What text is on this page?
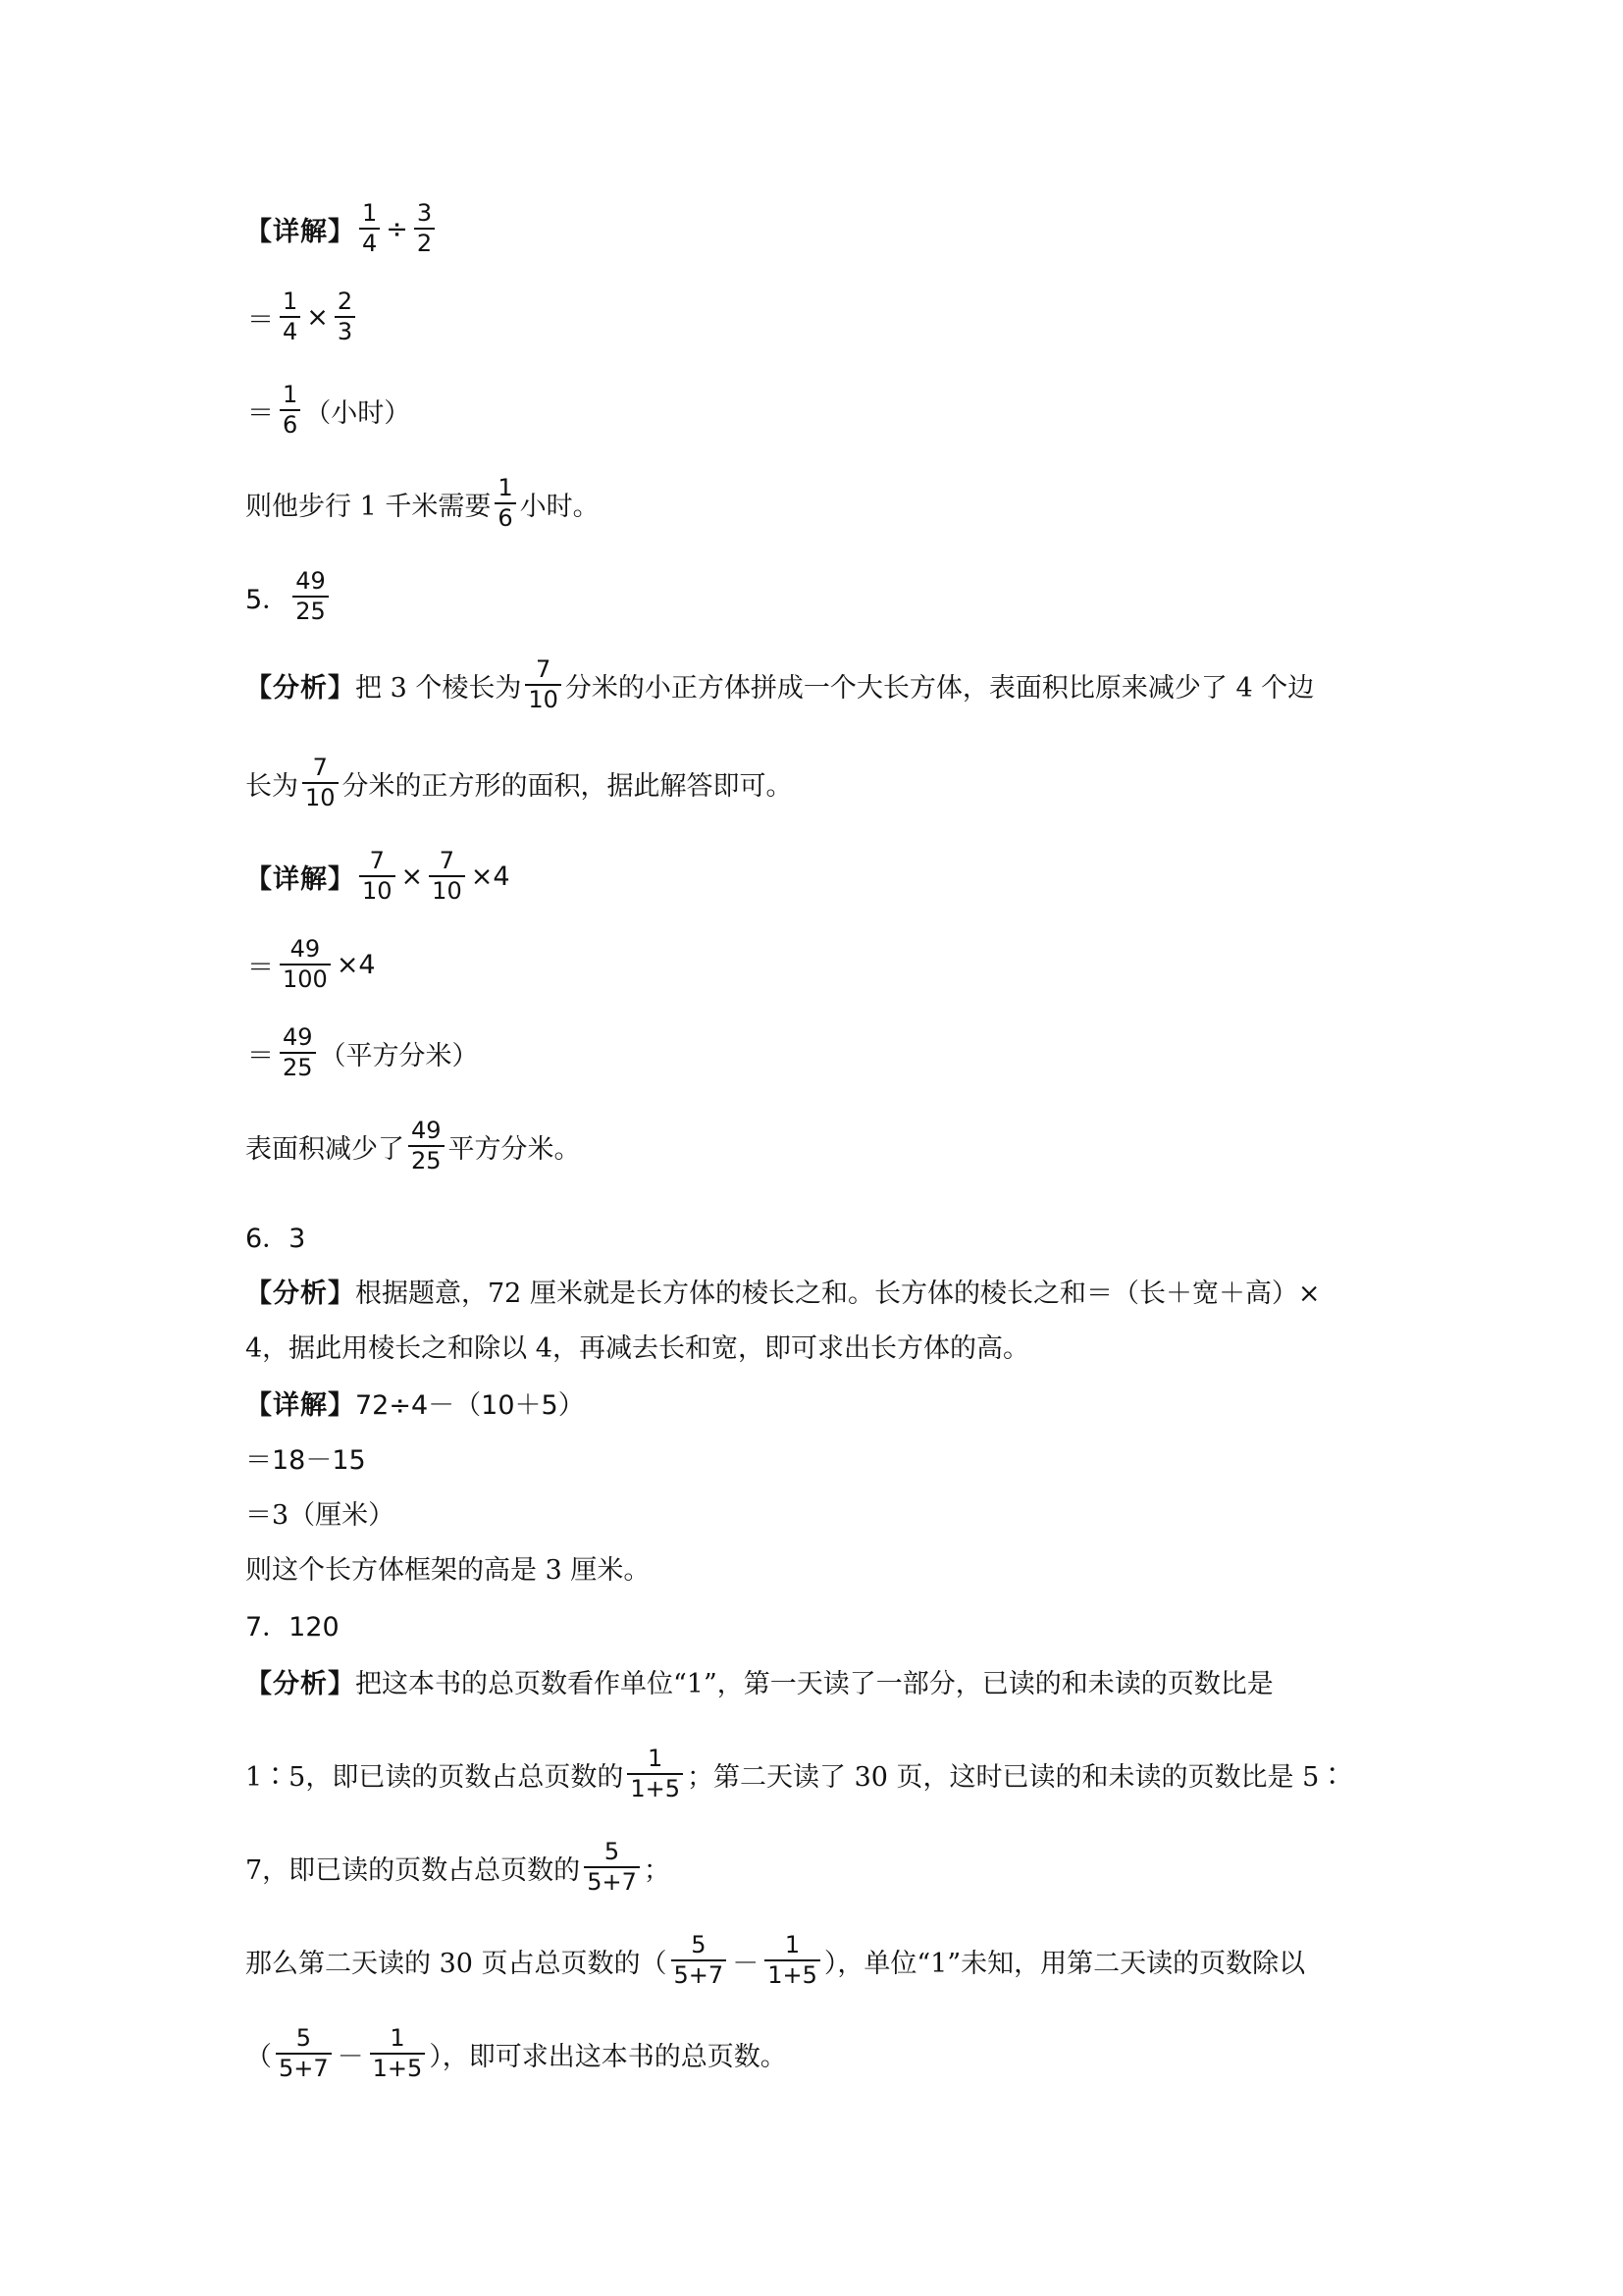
【详解】 $\frac{1}{4} \div \frac{3}{2}$
＝ $\frac{1}{4} \times \frac{2}{3}$
＝ $\frac{1}{6}$ （小时）
则他步行 1 千米需要 $\frac{1}{6}$ 小时。
5． $\frac{49}{25}$
【分析】 把 3 个棱长为 $\frac{7}{10}$ 分米的小正方体拼成一个大长方体，表面积比原来减少了 4 个边
长为 $\frac{7}{10}$ 分米的正方形的面积，据此解答即可。
【详解】 $\frac{7}{10} \times \frac{7}{10} \times 4$
＝ $\frac{49}{100} \times 4$
＝ $\frac{49}{25}$ （平方分米）
表面积减少了 $\frac{49}{25}$ 平方分米。
6．3
【分析】 根据题意，72 厘米就是长方体的棱长之和。长方体的棱长之和＝（长＋宽＋高）×
4，据此用棱长之和除以 4，再减去长和宽，即可求出长方体的高。
【详解】 72÷4－（10＋5）
＝18－15
＝3（厘米）
则这个长方体框架的高是 3 厘米。
7．120
【分析】 把这本书的总页数看作单位“1”，第一天读了一部分，已读的和未读的页数比是
1∶5，即已读的页数占总页数的 $\frac{1}{1+5}$ ；第二天读了 30 页，这时已读的和未读的页数比是 5∶
7，即已读的页数占总页数的 $\frac{5}{5+7}$ ；
那么第二天读的 30 页占总页数的（ $\frac{5}{5+7} - \frac{1}{1+5}$ ），单位“1”未知，用第二天读的页数除以
（ $\frac{5}{5+7} - \frac{1}{1+5}$ ），即可求出这本书的总页数。
